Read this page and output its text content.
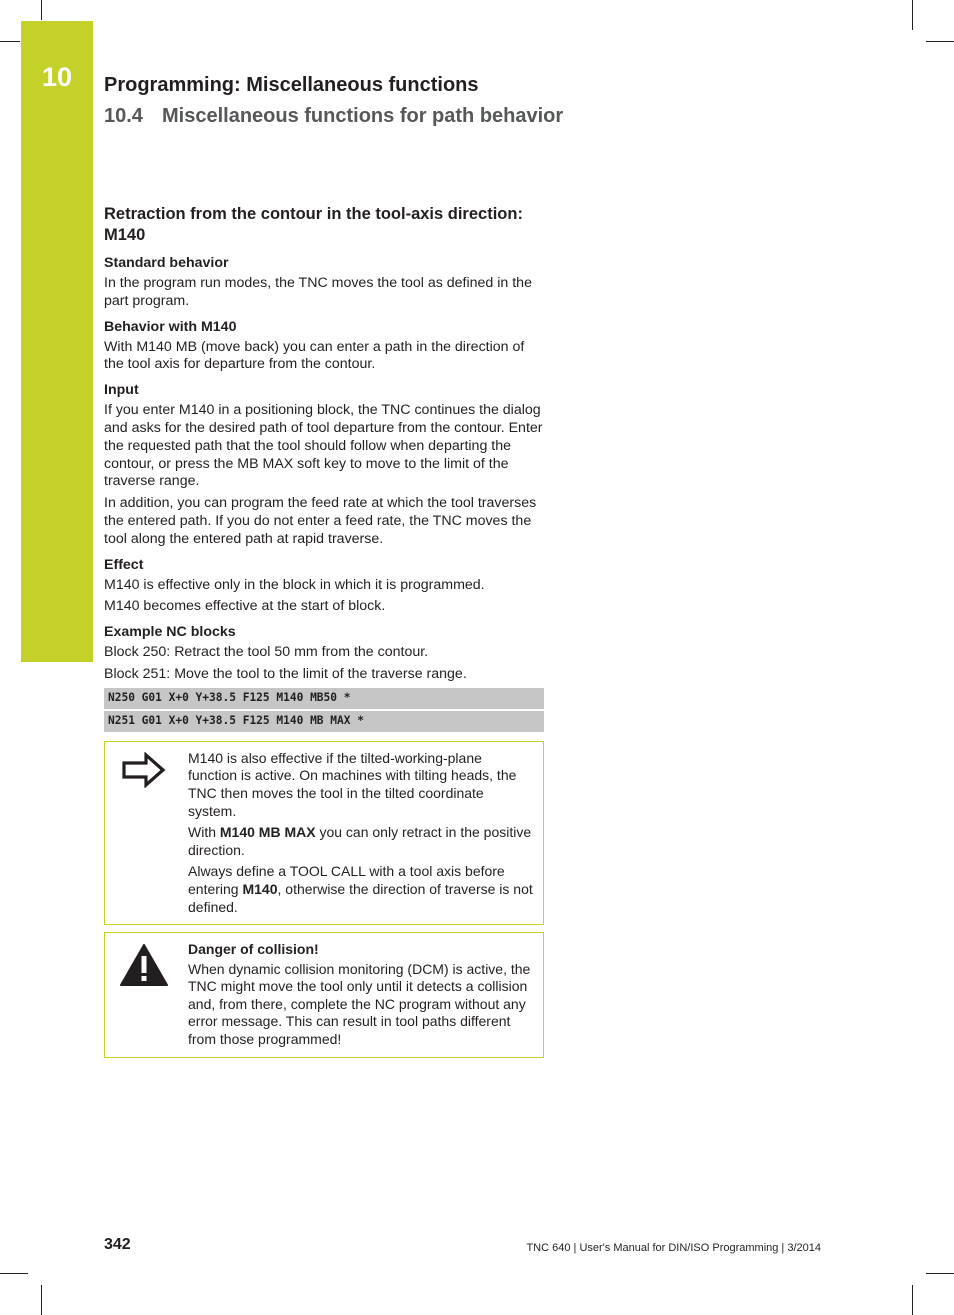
10	Programming: Miscellaneous functions
10.4 Miscellaneous functions for path behavior
Retraction from the contour in the tool-axis direction: M140
Standard behavior

In the program run modes, the TNC moves the tool as defined in the part program.

Behavior with M140

With M140 MB (move back) you can enter a path in the direction of the tool axis for departure from the contour.

Input

If you enter M140 in a positioning block, the TNC continues the dialog and asks for the desired path of tool departure from the contour. Enter the requested path that the tool should follow when departing the contour, or press the MB MAX soft key to move to the limit of the traverse range.

In addition, you can program the feed rate at which the tool traverses the entered path. If you do not enter a feed rate, the TNC moves the tool along the entered path at rapid traverse.

Effect

M140 is effective only in the block in which it is programmed.

M140 becomes effective at the start of block.

Example NC blocks

Block 250: Retract the tool 50 mm from the contour.

Block 251: Move the tool to the limit of the traverse range.

N250 G01 X+0 Y+38.5 F125 M140 MB50 *
N251 G01 X+0 Y+38.5 F125 M140 MB MAX *

M140 is also effective if the tilted-working-plane function is active. On machines with tilting heads, the TNC then moves the tool in the tilted coordinate system.

With M140 MB MAX you can only retract in the positive direction.

Always define a TOOL CALL with a tool axis before entering M140, otherwise the direction of traverse is not defined.

Danger of collision!

When dynamic collision monitoring (DCM) is active, the TNC might move the tool only until it detects a collision and, from there, complete the NC program without any error message. This can result in tool paths different from those programmed!

342	TNC 640 | User's Manual for DIN/ISO Programming | 3/2014
